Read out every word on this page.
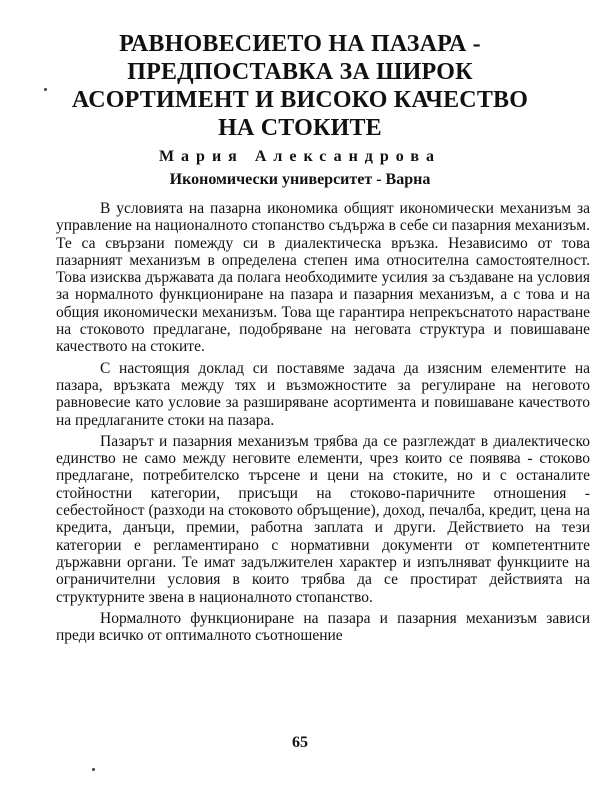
РАВНОВЕСИЕТО НА ПАЗАРА -
ПРЕДПОСТАВКА ЗА ШИРОК
АСОРТИМЕНТ И ВИСОКО КАЧЕСТВО
НА СТОКИТЕ
Мария Александрова
Икономически университет - Варна

В условията на пазарна икономика общият икономически механизъм за управление на националното стопанство съдържа в себе си пазарния механизъм. Те са свързани помежду си в диалектическа връзка. Независимо от това пазарният механизъм в определена степен има относителна самостоятелност. Това изисква държавата да полага необходимите усилия за създаване на условия за нормалното функциониране на пазара и пазарния механизъм, а с това и на общия икономически механизъм. Това ще гарантира непрекъснатото нарастване на стоковото предлагане, подобряване на неговата структура и повишаване качеството на стоките.

С настоящия доклад си поставяме задача да изясним елементите на пазара, връзката между тях и възможностите за регулиране на неговото равновесие като условие за разширяване асортимента и повишаване качеството на предлаганите стоки на пазара.

Пазарът и пазарния механизъм трябва да се разглеждат в диалектическо единство не само между неговите елементи, чрез които се появява - стоково предлагане, потребителско търсене и цени на стоките, но и с останалите стойностни категории, присъщи на стоково-паричните отношения - себестойност (разходи на стоковото обръщение), доход, печалба, кредит, цена на кредита, данъци, премии, работна заплата и други. Действието на тези категории е регламентирано с нормативни документи от компетентните държавни органи. Те имат задължителен характер и изпълняват функциите на ограничителни условия в които трябва да се простират действията на структурните звена в националното стопанство.

Нормалното функциониране на пазара и пазарния механизъм зависи преди всичко от оптималното съотношение

65
